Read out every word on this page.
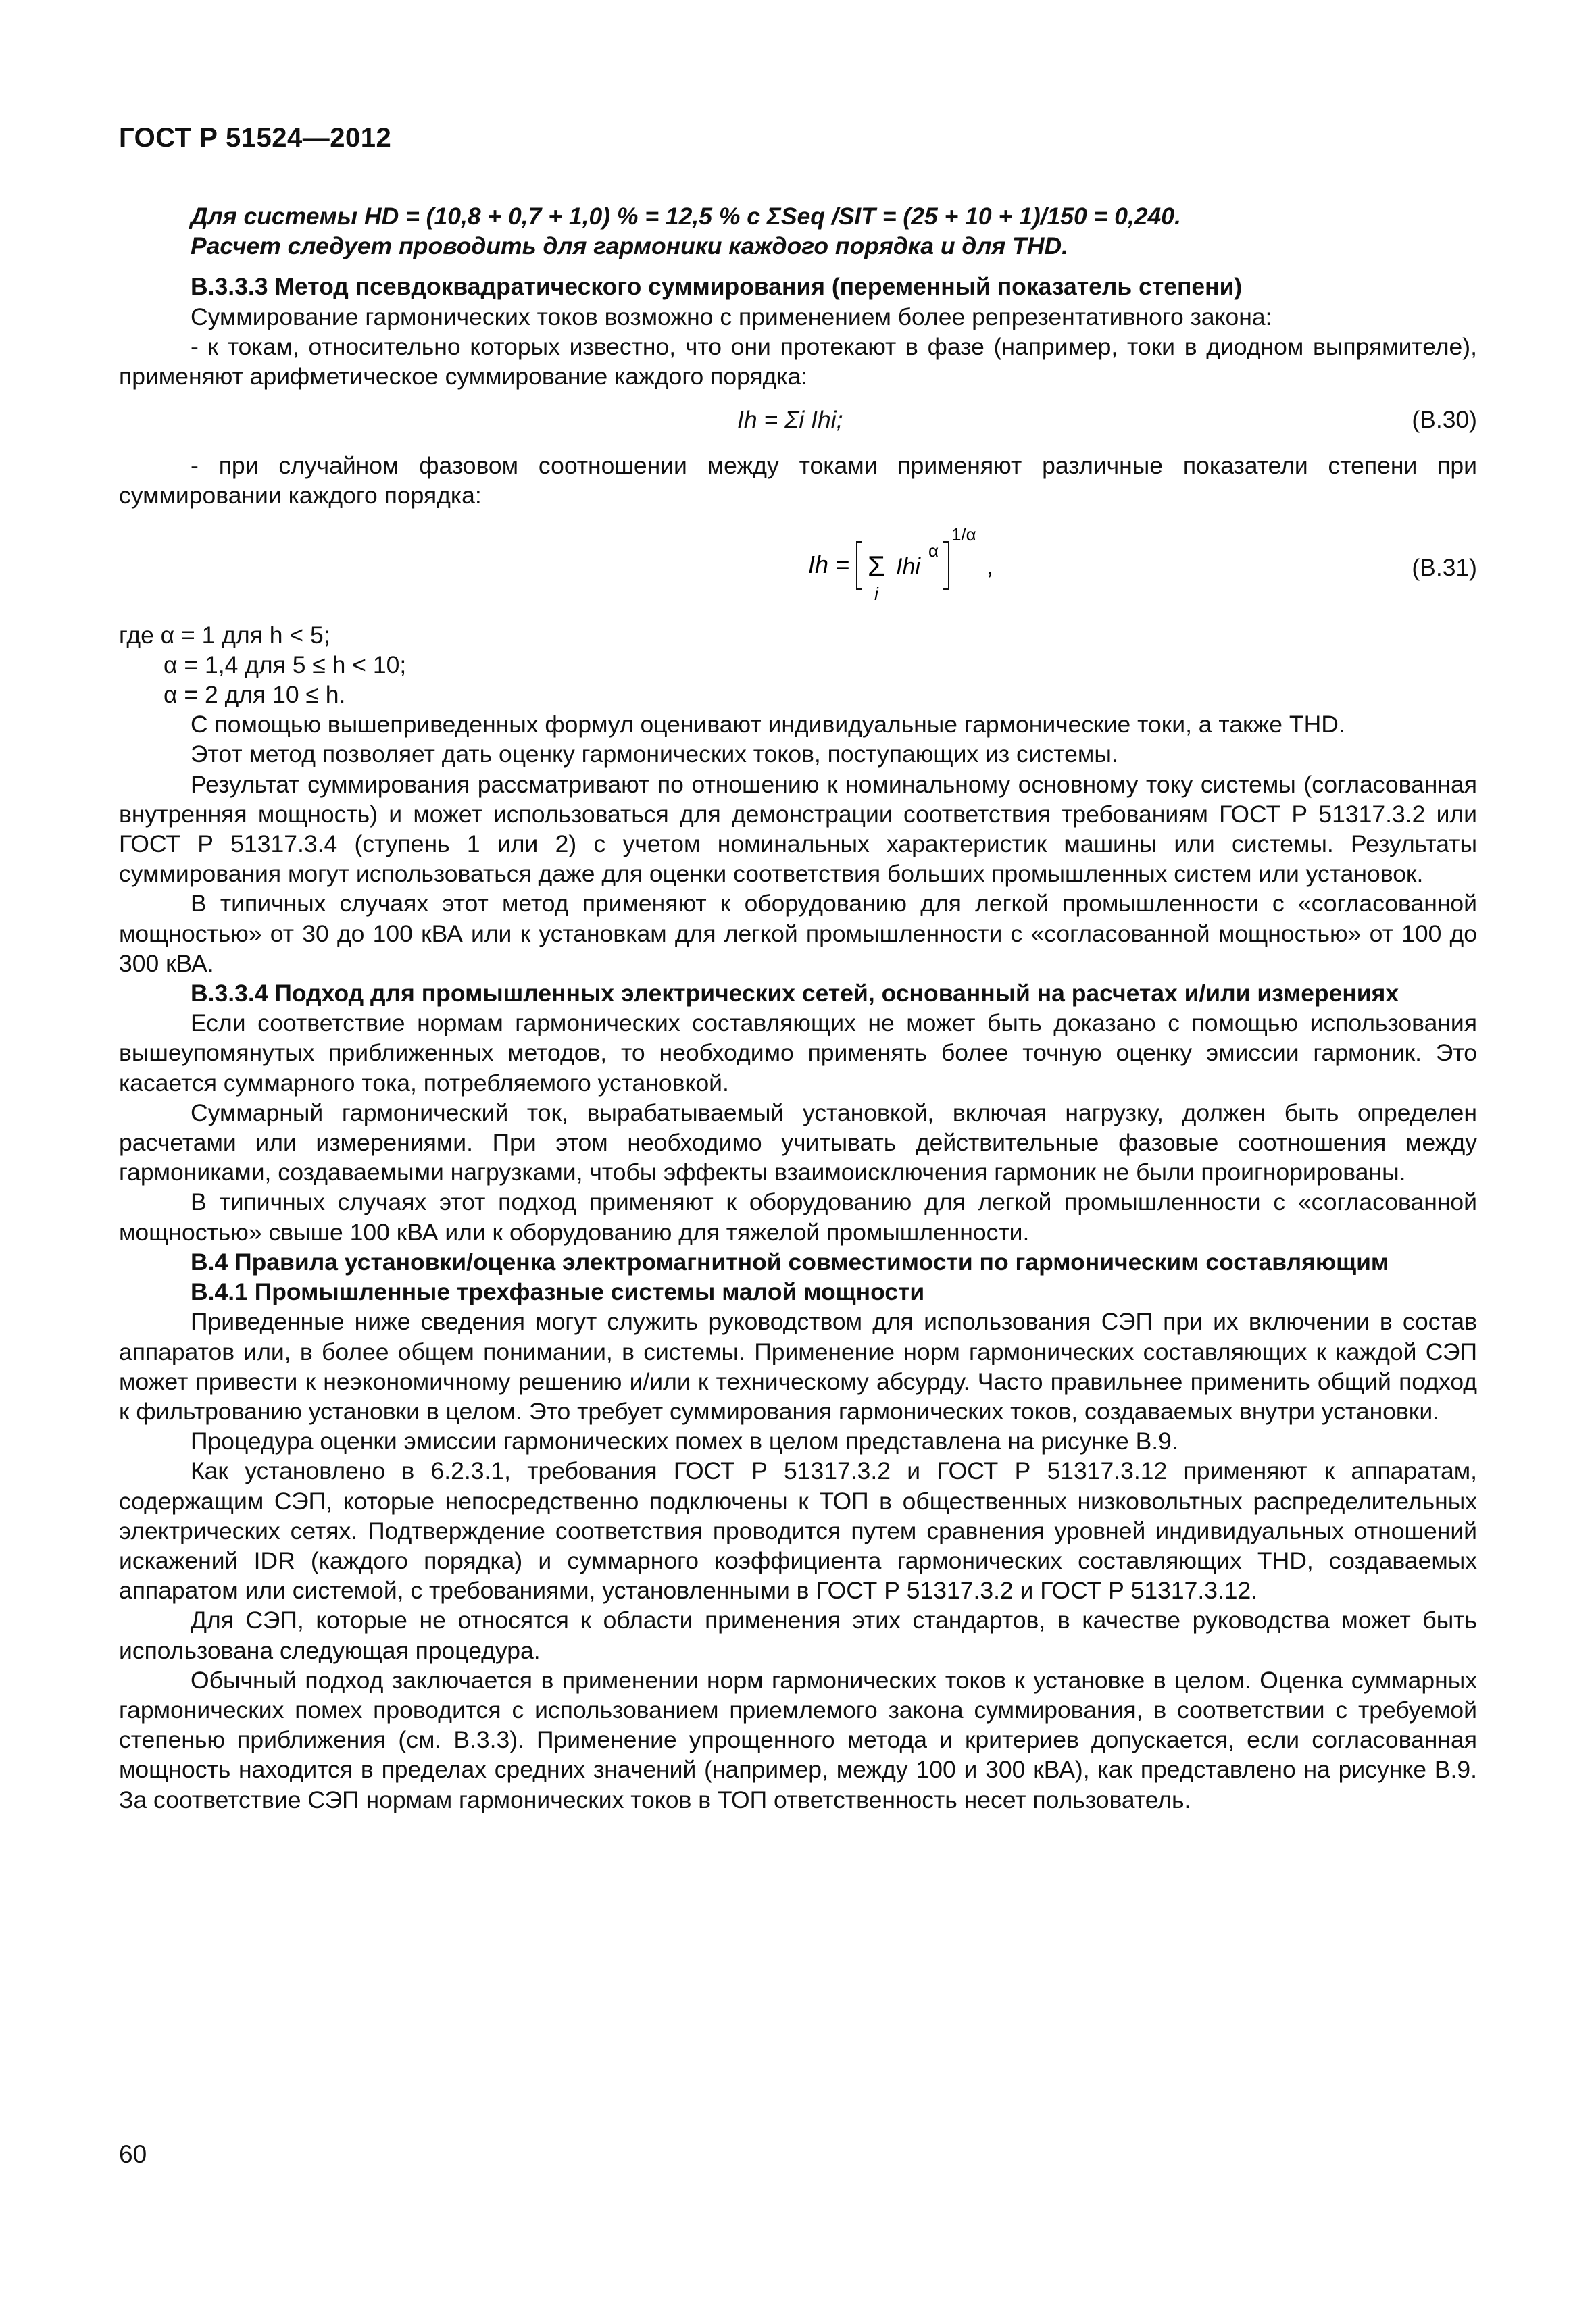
ГОСТ Р 51524—2012

Для системы HD = (10,8 + 0,7 + 1,0) % = 12,5 % с ΣSeq /SIT = (25 + 10 + 1)/150 = 0,240.

Расчет следует проводить для гармоники каждого порядка и для THD.

В.3.3.3 Метод псевдоквадратического суммирования (переменный показатель степени)

Суммирование гармонических токов возможно с применением более репрезентативного закона:

- к токам, относительно которых известно, что они протекают в фазе (например, токи в диодном выпрямителе), применяют арифметическое суммирование каждого порядка:

Ih = Σi Ihi;	(В.30)

- при случайном фазовом соотношении между токами применяют различные показатели степени при суммировании каждого порядка:

Ih = Σ
i
Ihi
α
1/α
,	(В.31)

где α = 1 для h < 5;

α = 1,4 для 5 ≤ h < 10;

α = 2 для 10 ≤ h.

С помощью вышеприведенных формул оценивают индивидуальные гармонические токи, а также THD.

Этот метод позволяет дать оценку гармонических токов, поступающих из системы.

Результат суммирования рассматривают по отношению к номинальному основному току системы (согласованная внутренняя мощность) и может использоваться для демонстрации соответствия требованиям ГОСТ Р 51317.3.2 или ГОСТ Р 51317.3.4 (ступень 1 или 2) с учетом номинальных характеристик машины или системы. Результаты суммирования могут использоваться даже для оценки соответствия больших промышленных систем или установок.

В типичных случаях этот метод применяют к оборудованию для легкой промышленности с «согласованной мощностью» от 30 до 100 кВА или к установкам для легкой промышленности с «согласованной мощностью» от 100 до 300 кВА.

В.3.3.4 Подход для промышленных электрических сетей, основанный на расчетах и/или измерениях

Если соответствие нормам гармонических составляющих не может быть доказано с помощью использования вышеупомянутых приближенных методов, то необходимо применять более точную оценку эмиссии гармоник. Это касается суммарного тока, потребляемого установкой.

Суммарный гармонический ток, вырабатываемый установкой, включая нагрузку, должен быть определен расчетами или измерениями. При этом необходимо учитывать действительные фазовые соотношения между гармониками, создаваемыми нагрузками, чтобы эффекты взаимоисключения гармоник не были проигнорированы.

В типичных случаях этот подход применяют к оборудованию для легкой промышленности с «согласованной мощностью» свыше 100 кВА или к оборудованию для тяжелой промышленности.

В.4 Правила установки/оценка электромагнитной совместимости по гармоническим составляющим

В.4.1 Промышленные трехфазные системы малой мощности

Приведенные ниже сведения могут служить руководством для использования СЭП при их включении в состав аппаратов или, в более общем понимании, в системы. Применение норм гармонических составляющих к каждой СЭП может привести к неэкономичному решению и/или к техническому абсурду. Часто правильнее применить общий подход к фильтрованию установки в целом. Это требует суммирования гармонических токов, создаваемых внутри установки.

Процедура оценки эмиссии гармонических помех в целом представлена на рисунке В.9.

Как установлено в 6.2.3.1, требования ГОСТ Р 51317.3.2 и ГОСТ Р 51317.3.12 применяют к аппаратам, содержащим СЭП, которые непосредственно подключены к ТОП в общественных низковольтных распределительных электрических сетях. Подтверждение соответствия проводится путем сравнения уровней индивидуальных отношений искажений IDR (каждого порядка) и суммарного коэффициента гармонических составляющих THD, создаваемых аппаратом или системой, с требованиями, установленными в ГОСТ Р 51317.3.2 и ГОСТ Р 51317.3.12.

Для СЭП, которые не относятся к области применения этих стандартов, в качестве руководства может быть использована следующая процедура.

Обычный подход заключается в применении норм гармонических токов к установке в целом. Оценка суммарных гармонических помех проводится с использованием приемлемого закона суммирования, в соответствии с требуемой степенью приближения (см. В.3.3). Применение упрощенного метода и критериев допускается, если согласованная мощность находится в пределах средних значений (например, между 100 и 300 кВА), как представлено на рисунке В.9. За соответствие СЭП нормам гармонических токов в ТОП ответственность несет пользователь.

60
